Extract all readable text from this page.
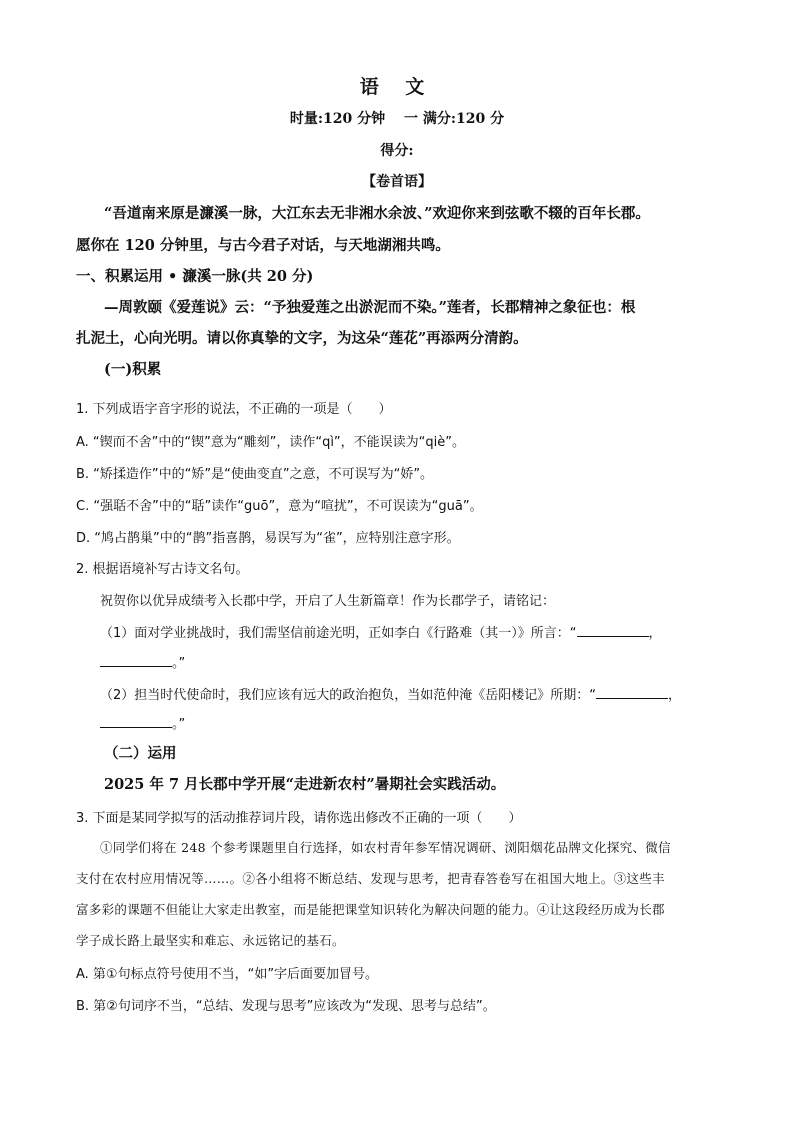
语 文
时量:120 分钟　 一 满分:120 分
得分:
【卷首语】
“吾道南来原是濂溪一脉，大江东去无非湘水余波、”欢迎你来到弦歌不辍的百年长郡。
愿你在 120 分钟里，与古今君子对话，与天地湖湘共鸣。
一、积累运用 • 濂溪一脉(共 20 分)
—周敦颐《爱莲说》云：“予独爱莲之出淤泥而不染。”莲者，长郡精神之象征也：根
扎泥土，心向光明。请以你真挚的文字，为这朵“莲花”再添两分清韵。
(一)积累
1. 下列成语字音字形的说法，不正确的一项是（　　）
A. “锲而不舍”中的“锲”意为“雕刻”，读作“qì”，不能误读为“qiè”。
B. “矫揉造作”中的“矫”是“使曲变直”之意，不可误写为“娇”。
C. “强聒不舍”中的“聒”读作“guō”，意为“喧扰”，不可误读为“guā”。
D. “鸠占鹊巢”中的“鹊”指喜鹊，易误写为“雀”，应特别注意字形。
2. 根据语境补写古诗文名句。
祝贺你以优异成绩考入长郡中学，开启了人生新篇章！作为长郡学子，请铭记：
（1）面对学业挑战时，我们需坚信前途光明，正如李白《行路难（其一）》所言：“	，
。”
（2）担当时代使命时，我们应该有远大的政治抱负，当如范仲淹《岳阳楼记》所期：“	，
。”
（二）运用
2025 年 7 月长郡中学开展“走进新农村”暑期社会实践活动。
3. 下面是某同学拟写的活动推荐词片段，请你选出修改不正确的一项（　　）
①同学们将在 248 个参考课题里自行选择，如农村青年参军情况调研、浏阳烟花品牌文化探究、微信
支付在农村应用情况等……。②各小组将不断总结、发现与思考，把青春答卷写在祖国大地上。③这些丰
富多彩的课题不但能让大家走出教室，而是能把课堂知识转化为解决问题的能力。④让这段经历成为长郡
学子成长路上最坚实和难忘、永远铭记的基石。
A. 第①句标点符号使用不当，“如”字后面要加冒号。
B. 第②句词序不当，“总结、发现与思考”应该改为“发现、思考与总结”。
